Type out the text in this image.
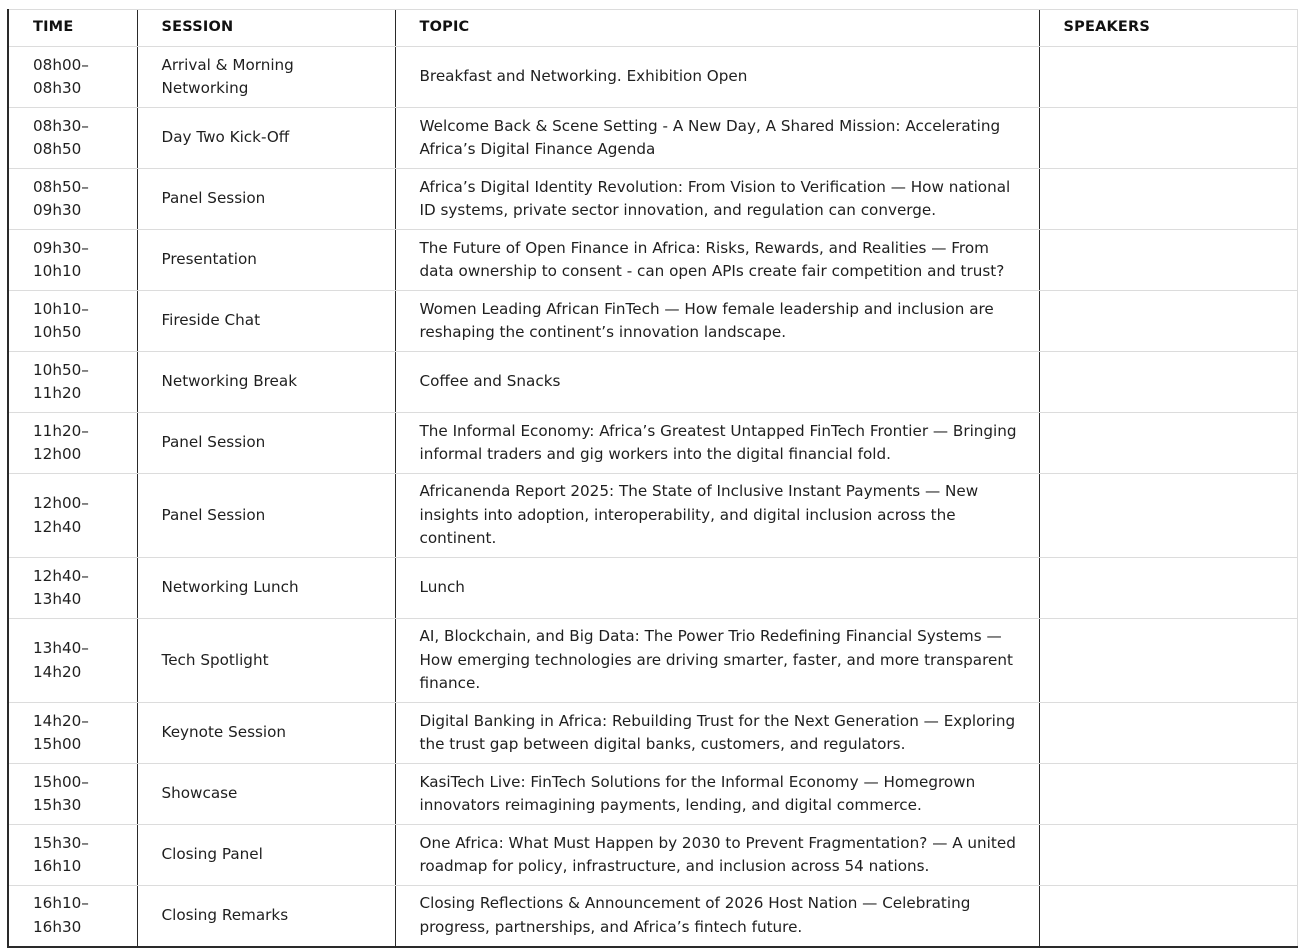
TIME	SESSION	TOPIC	SPEAKERS

08h00–
08h30	Arrival & Morning Networking	Breakfast and Networking. Exhibition Open	

08h30–
08h50	Day Two Kick-Off	Welcome Back & Scene Setting - A New Day, A Shared Mission: Accelerating Africa’s Digital Finance Agenda	

08h50–
09h30	Panel Session	Africa’s Digital Identity Revolution: From Vision to Verification — How national ID systems, private sector innovation, and regulation can converge.	

09h30–
10h10	Presentation	The Future of Open Finance in Africa: Risks, Rewards, and Realities — From data ownership to consent - can open APIs create fair competition and trust?	

10h10–
10h50	Fireside Chat	Women Leading African FinTech — How female leadership and inclusion are reshaping the continent’s innovation landscape.	

10h50–
11h20	Networking Break	Coffee and Snacks	

11h20–
12h00	Panel Session	The Informal Economy: Africa’s Greatest Untapped FinTech Frontier — Bringing informal traders and gig workers into the digital financial fold.	

12h00–
12h40	Panel Session	Africanenda Report 2025: The State of Inclusive Instant Payments — New insights into adoption, interoperability, and digital inclusion across the continent.	

12h40–
13h40	Networking Lunch	Lunch	

13h40–
14h20	Tech Spotlight	AI, Blockchain, and Big Data: The Power Trio Redefining Financial Systems — How emerging technologies are driving smarter, faster, and more transparent finance.	

14h20–
15h00	Keynote Session	Digital Banking in Africa: Rebuilding Trust for the Next Generation — Exploring the trust gap between digital banks, customers, and regulators.	

15h00–
15h30	Showcase	KasiTech Live: FinTech Solutions for the Informal Economy — Homegrown innovators reimagining payments, lending, and digital commerce.	

15h30–
16h10	Closing Panel	One Africa: What Must Happen by 2030 to Prevent Fragmentation? — A united roadmap for policy, infrastructure, and inclusion across 54 nations.	

16h10–
16h30	Closing Remarks	Closing Reflections & Announcement of 2026 Host Nation — Celebrating progress, partnerships, and Africa’s fintech future.	
